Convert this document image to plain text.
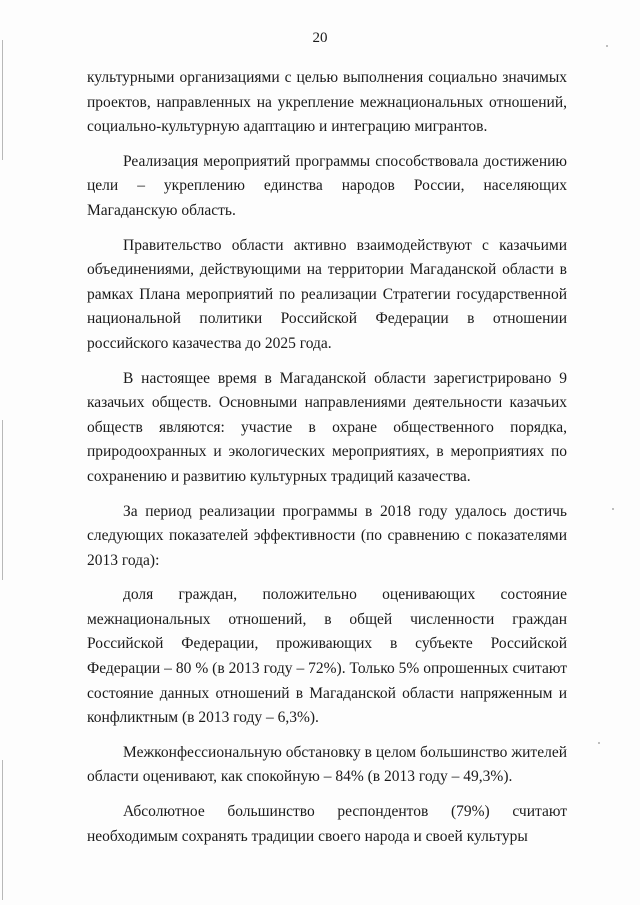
20

культурными организациями с целью выполнения социально значимых проектов, направленных на укрепление межнациональных отношений, социально-культурную адаптацию и интеграцию мигрантов.

Реализация мероприятий программы способствовала достижению цели – укреплению единства народов России, населяющих Магаданскую область.

Правительство области активно взаимодействуют с казачьими объединениями, действующими на территории Магаданской области в рамках Плана мероприятий по реализации Стратегии государственной национальной политики Российской Федерации в отношении российского казачества до 2025 года.

В настоящее время в Магаданской области зарегистрировано 9 казачьих обществ. Основными направлениями деятельности казачьих обществ являются: участие в охране общественного порядка, природоохранных и экологических мероприятиях, в мероприятиях по сохранению и развитию культурных традиций казачества.

За период реализации программы в 2018 году удалось достичь следующих показателей эффективности (по сравнению с показателями 2013 года):

доля граждан, положительно оценивающих состояние межнациональных отношений, в общей численности граждан Российской Федерации, проживающих в субъекте Российской Федерации – 80 % (в 2013 году – 72%). Только 5% опрошенных считают состояние данных отношений в Магаданской области напряженным и конфликтным (в 2013 году – 6,3%).

Межконфессиональную обстановку в целом большинство жителей области оценивают, как спокойную – 84% (в 2013 году – 49,3%).

Абсолютное большинство респондентов (79%) считают необходимым сохранять традиции своего народа и своей культуры
